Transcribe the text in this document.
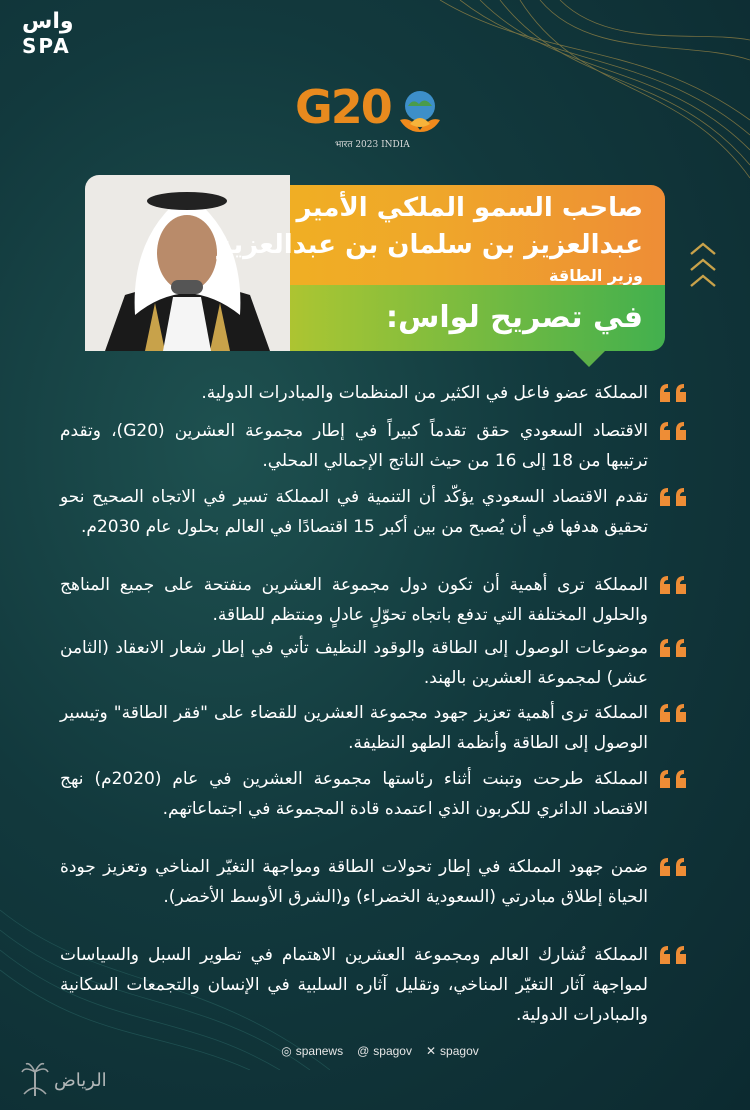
واس
SPA
G20
भारत 2023 INDIA
صاحب السمو الملكي الأمير
عبدالعزيز بن سلمان بن عبدالعزيز
وزير الطاقة
في تصريح لواس:
المملكة عضو فاعل في الكثير من المنظمات والمبادرات الدولية.
الاقتصاد السعودي حقق تقدماً كبيراً في إطار مجموعة العشرين (G20)، وتقدم ترتيبها من 18 إلى 16 من حيث الناتج الإجمالي المحلي.
تقدم الاقتصاد السعودي يؤكّد أن التنمية في المملكة تسير في الاتجاه الصحيح نحو تحقيق هدفها في أن يُصبح من بين أكبر 15 اقتصادًا في العالم بحلول عام 2030م.
المملكة ترى أهمية أن تكون دول مجموعة العشرين منفتحة على جميع المناهج والحلول المختلفة التي تدفع باتجاه تحوّلٍ عادلٍ ومنتظم للطاقة.
موضوعات الوصول إلى الطاقة والوقود النظيف تأتي في إطار شعار الانعقاد (الثامن عشر) لمجموعة العشرين بالهند.
المملكة ترى أهمية تعزيز جهود مجموعة العشرين للقضاء على "فقر الطاقة" وتيسير الوصول إلى الطاقة وأنظمة الطهو النظيفة.
المملكة طرحت وتبنت أثناء رئاستها مجموعة العشرين في عام (2020م) نهج الاقتصاد الدائري للكربون الذي اعتمده قادة المجموعة في اجتماعاتهم.
ضمن جهود المملكة في إطار تحولات الطاقة ومواجهة التغيّر المناخي وتعزيز جودة الحياة إطلاق مبادرتي (السعودية الخضراء) و(الشرق الأوسط الأخضر).
المملكة تُشارك العالم ومجموعة العشرين الاهتمام في تطوير السبل والسياسات لمواجهة آثار التغيّر المناخي، وتقليل آثاره السلبية في الإنسان والتجمعات السكانية والمبادرات الدولية.
◎ spanews @ spagov ✕ spagov
الرياض
